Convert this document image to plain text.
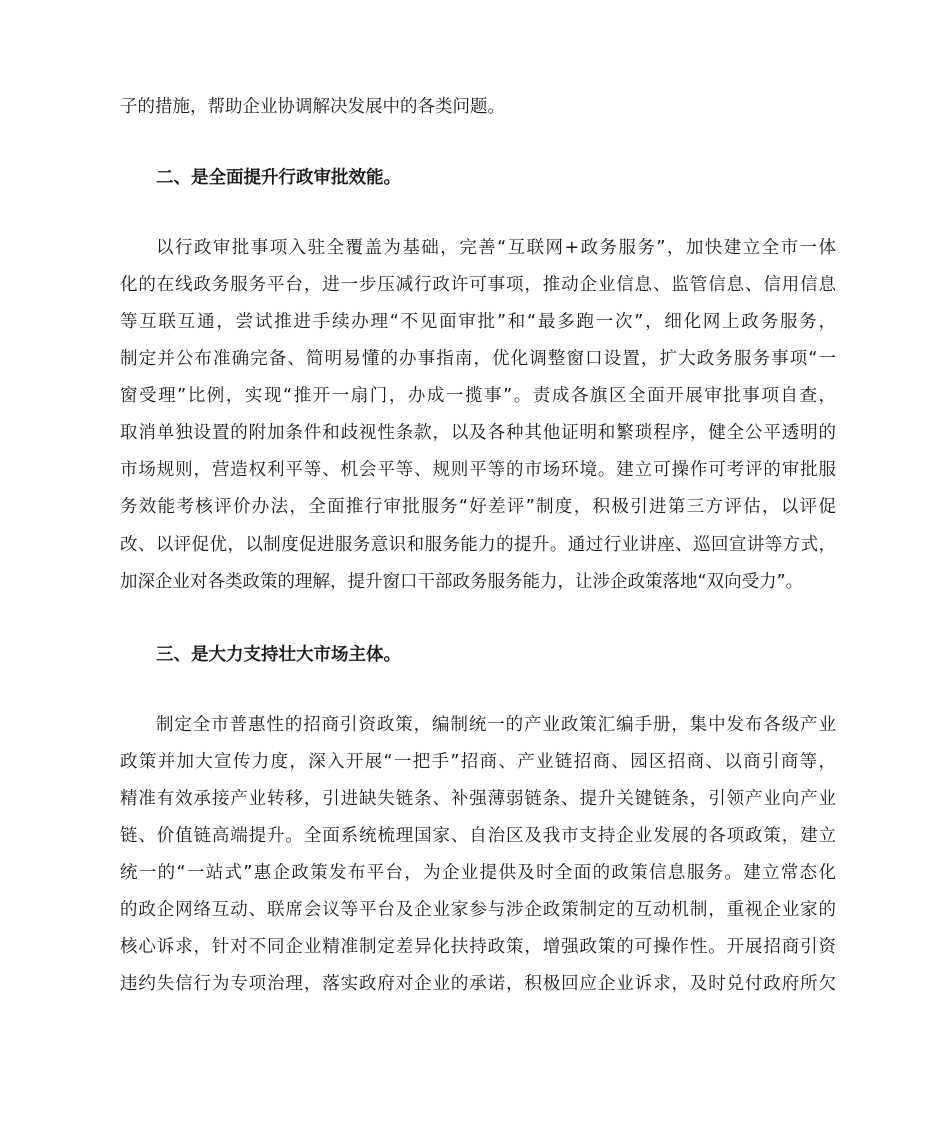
子的措施，帮助企业协调解决发展中的各类问题。
二、是全面提升行政审批效能。
以行政审批事项入驻全覆盖为基础，完善“互联网+政务服务”，加快建立全市一体
化的在线政务服务平台，进一步压减行政许可事项，推动企业信息、监管信息、信用信息
等互联互通，尝试推进手续办理“不见面审批”和“最多跑一次”，细化网上政务服务，
制定并公布准确完备、简明易懂的办事指南，优化调整窗口设置，扩大政务服务事项“一
窗受理”比例，实现“推开一扇门，办成一揽事”。责成各旗区全面开展审批事项自查，
取消单独设置的附加条件和歧视性条款，以及各种其他证明和繁琐程序，健全公平透明的
市场规则，营造权利平等、机会平等、规则平等的市场环境。建立可操作可考评的审批服
务效能考核评价办法，全面推行审批服务“好差评”制度，积极引进第三方评估，以评促
改、以评促优，以制度促进服务意识和服务能力的提升。通过行业讲座、巡回宣讲等方式，
加深企业对各类政策的理解，提升窗口干部政务服务能力，让涉企政策落地“双向受力”。
三、是大力支持壮大市场主体。
制定全市普惠性的招商引资政策，编制统一的产业政策汇编手册，集中发布各级产业
政策并加大宣传力度，深入开展“一把手”招商、产业链招商、园区招商、以商引商等，
精准有效承接产业转移，引进缺失链条、补强薄弱链条、提升关键链条，引领产业向产业
链、价值链高端提升。全面系统梳理国家、自治区及我市支持企业发展的各项政策，建立
统一的“一站式”惠企政策发布平台，为企业提供及时全面的政策信息服务。建立常态化
的政企网络互动、联席会议等平台及企业家参与涉企政策制定的互动机制，重视企业家的
核心诉求，针对不同企业精准制定差异化扶持政策，增强政策的可操作性。开展招商引资
违约失信行为专项治理，落实政府对企业的承诺，积极回应企业诉求，及时兑付政府所欠
